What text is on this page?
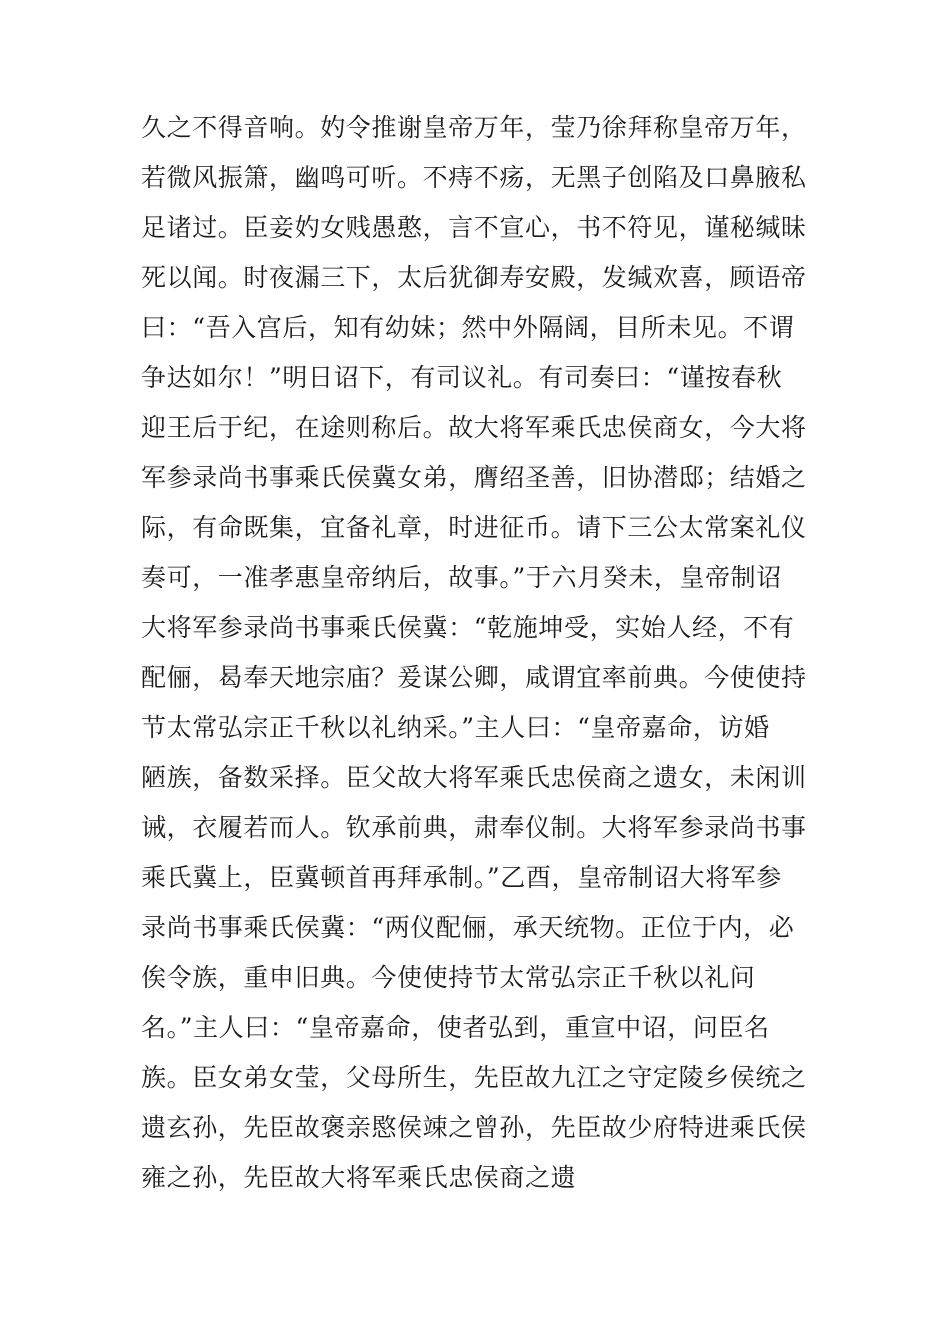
久之不得音响。妁令推谢皇帝万年，莹乃徐拜称皇帝万年，
若微风振箫，幽鸣可听。不痔不疡，无黑子创陷及口鼻腋私
足诸过。臣妾妁女贱愚憨，言不宣心，书不符见，谨秘缄昧
死以闻。时夜漏三下，太后犹御寿安殿，发缄欢喜，顾语帝
曰：“吾入宫后，知有幼妹；然中外隔阔，目所未见。不谓
争达如尔！”明日诏下，有司议礼。有司奏曰：“谨按春秋
迎王后于纪，在途则称后。故大将军乘氏忠侯商女，今大将
军参录尚书事乘氏侯冀女弟，膺绍圣善，旧协潜邸；结婚之
际，有命既集，宜备礼章，时进征币。请下三公太常案礼仪
奏可，一准孝惠皇帝纳后，故事。”于六月癸未，皇帝制诏
大将军参录尚书事乘氏侯冀：“乾施坤受，实始人经，不有
配俪，曷奉天地宗庙？爰谋公卿，咸谓宜率前典。今使使持
节太常弘宗正千秋以礼纳采。”主人曰：“皇帝嘉命，访婚
陋族，备数采择。臣父故大将军乘氏忠侯商之遗女，未闲训
诫，衣履若而人。钦承前典，肃奉仪制。大将军参录尚书事
乘氏冀上，臣冀顿首再拜承制。”乙酉，皇帝制诏大将军参
录尚书事乘氏侯冀：“两仪配俪，承天统物。正位于内，必
俟令族，重申旧典。今使使持节太常弘宗正千秋以礼问
名。”主人曰：“皇帝嘉命，使者弘到，重宣中诏，问臣名
族。臣女弟女莹，父母所生，先臣故九江之守定陵乡侯统之
遗玄孙，先臣故褒亲愍侯竦之曾孙，先臣故少府特进乘氏侯
雍之孙，先臣故大将军乘氏忠侯商之遗
